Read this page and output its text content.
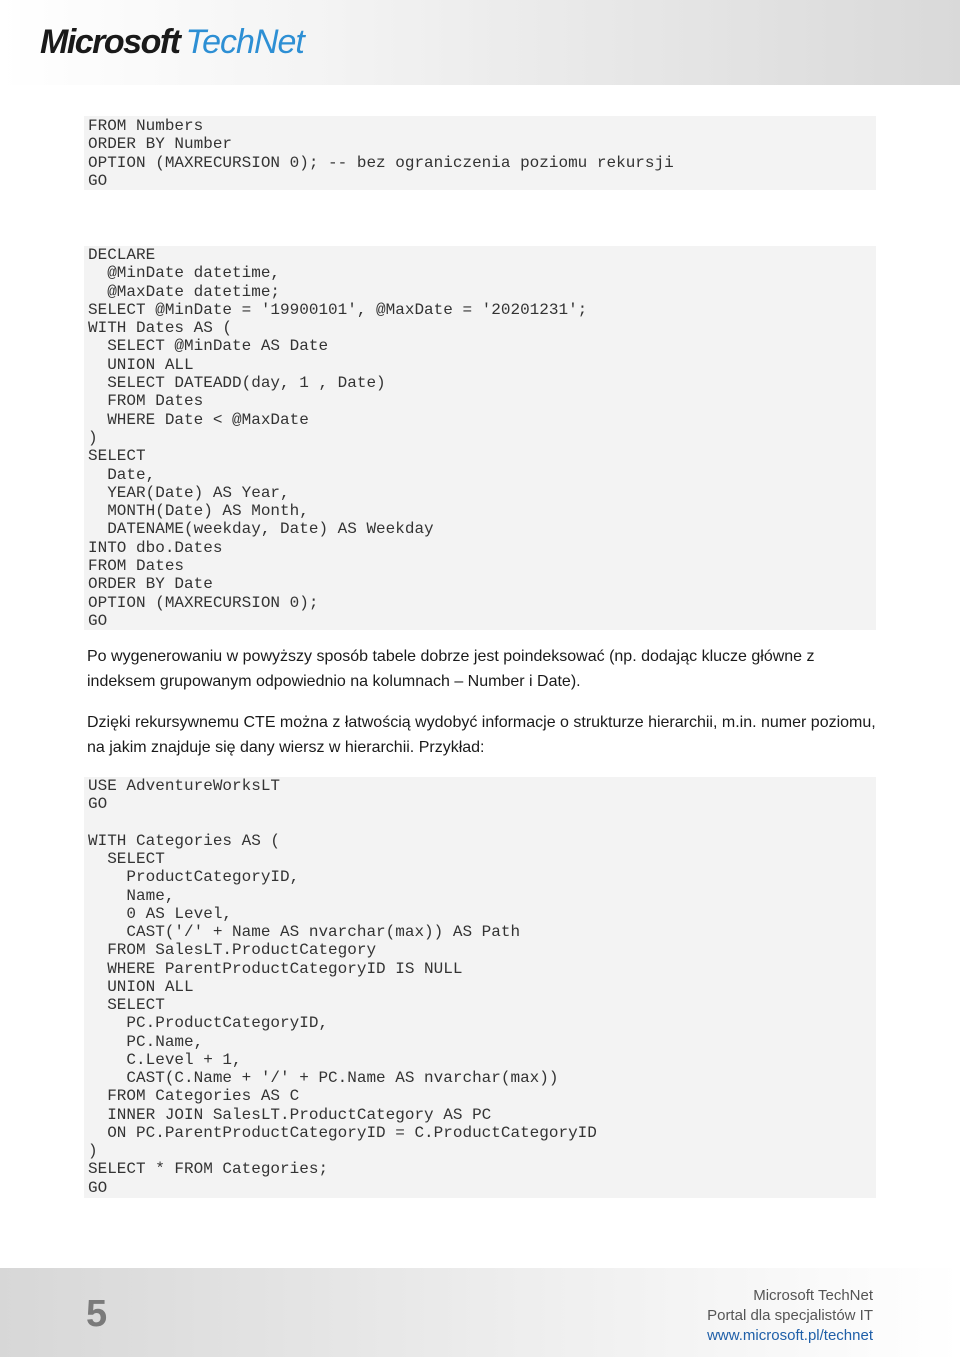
Microsoft TechNet
FROM Numbers
ORDER BY Number
OPTION (MAXRECURSION 0); -- bez ograniczenia poziomu rekursji
GO
DECLARE
@MinDate datetime,
@MaxDate datetime;
SELECT @MinDate = '19900101', @MaxDate = '20201231';
WITH Dates AS (
SELECT @MinDate AS Date
UNION ALL
SELECT DATEADD(day, 1 , Date)
FROM Dates
WHERE Date < @MaxDate
)
SELECT
Date,
YEAR(Date) AS Year,
MONTH(Date) AS Month,
DATENAME(weekday, Date) AS Weekday
INTO dbo.Dates
FROM Dates
ORDER BY Date
OPTION (MAXRECURSION 0);
GO

Po wygenerowaniu w powyższy sposób tabele dobrze jest poindeksować (np. dodając klucze główne z indeksem grupowanym odpowiednio na kolumnach – Number i Date).

Dzięki rekursywnemu CTE można z łatwością wydobyć informacje o strukturze hierarchii, m.in. numer poziomu, na jakim znajduje się dany wiersz w hierarchii. Przykład:

USE AdventureWorksLT
GO

WITH Categories AS (
SELECT
ProductCategoryID,
Name,
0 AS Level,
CAST('/' + Name AS nvarchar(max)) AS Path
FROM SalesLT.ProductCategory
WHERE ParentProductCategoryID IS NULL
UNION ALL
SELECT
PC.ProductCategoryID,
PC.Name,
C.Level + 1,
CAST(C.Name + '/' + PC.Name AS nvarchar(max))
FROM Categories AS C
INNER JOIN SalesLT.ProductCategory AS PC
ON PC.ParentProductCategoryID = C.ProductCategoryID
)
SELECT * FROM Categories;
GO
5	Microsoft TechNet
Portal dla specjalistów IT
www.microsoft.pl/technet
